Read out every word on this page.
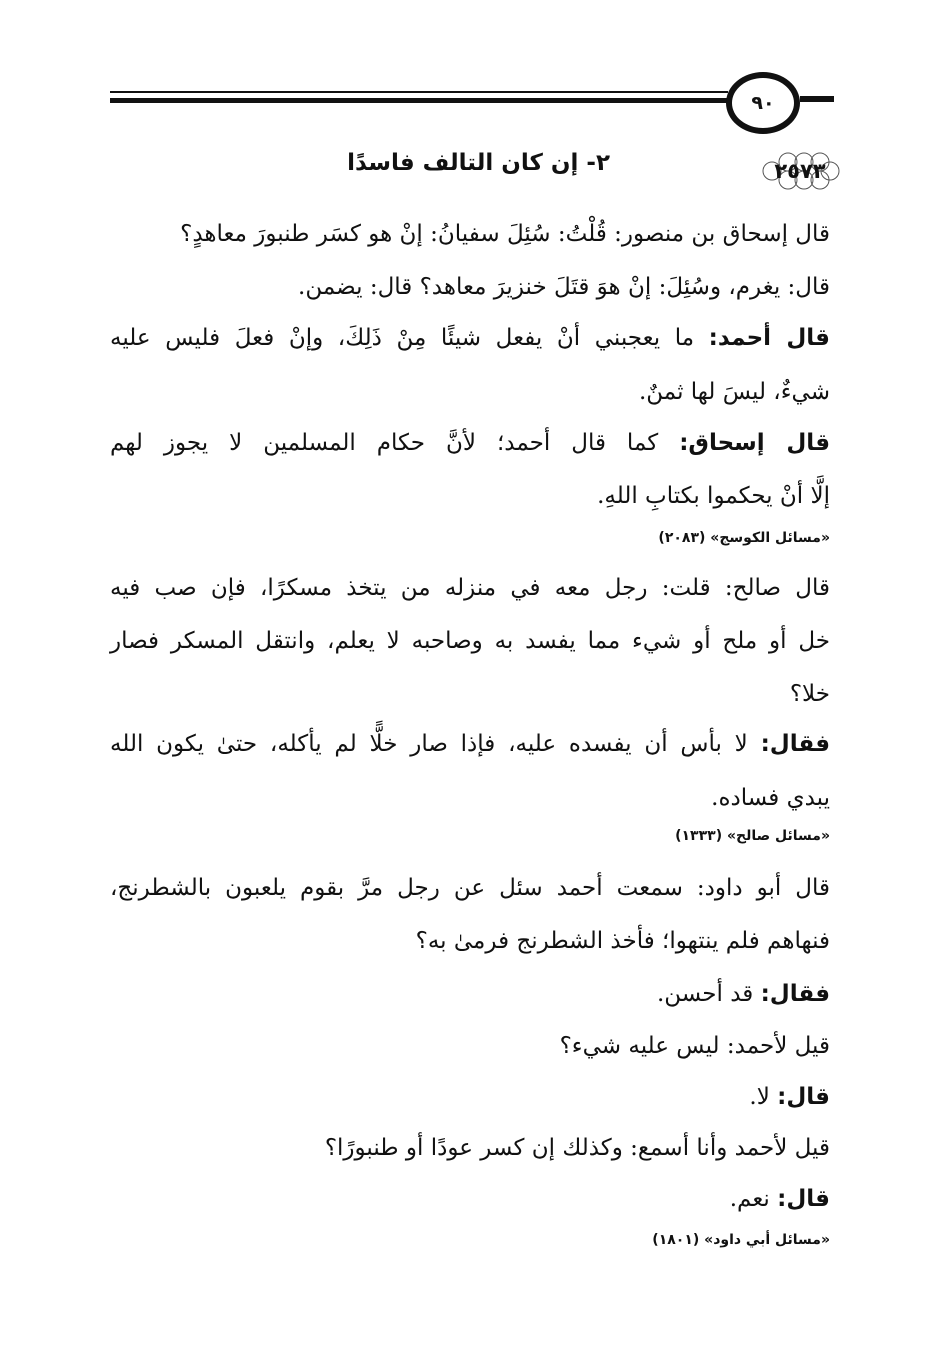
٩٠
٢- إن كان التالف فاسدًا	٢٥٧٣
قال إسحاق بن منصور: قُلْتُ: سُئِلَ سفيانُ: إنْ هو كسَر طنبورَ معاهدٍ؟
قال: يغرم، وسُئِلَ: إنْ هوَ قتَلَ خنزيرَ معاهد؟ قال: يضمن.
قال أحمد: ما يعجبني أنْ يفعل شيئًا مِنْ ذَلِكَ، وإنْ فعلَ فليس عليه
شيءٌ، ليسَ لها ثمنٌ.
قال إسحاق: كما قال أحمد؛ لأنَّ حكام المسلمين لا يجوز لهم
إلَّا أنْ يحكموا بكتابِ اللهِ.
«مسائل الكوسج» (٢٠٨٣)
قال صالح: قلت: رجل معه في منزله من يتخذ مسكرًا، فإن صب فيه
خل أو ملح أو شيء مما يفسد به وصاحبه لا يعلم، وانتقل المسكر فصار
خلا؟
فقال: لا بأس أن يفسده عليه، فإذا صار خلًّا لم يأكله، حتىٰ يكون الله
يبدي فساده.
«مسائل صالح» (١٣٣٣)
قال أبو داود: سمعت أحمد سئل عن رجل مرَّ بقوم يلعبون بالشطرنج،
فنهاهم فلم ينتهوا؛ فأخذ الشطرنج فرمىٰ به؟
فقال: قد أحسن.
قيل لأحمد: ليس عليه شيء؟
قال: لا.
قيل لأحمد وأنا أسمع: وكذلك إن كسر عودًا أو طنبورًا؟
قال: نعم.
«مسائل أبي داود» (١٨٠١)
